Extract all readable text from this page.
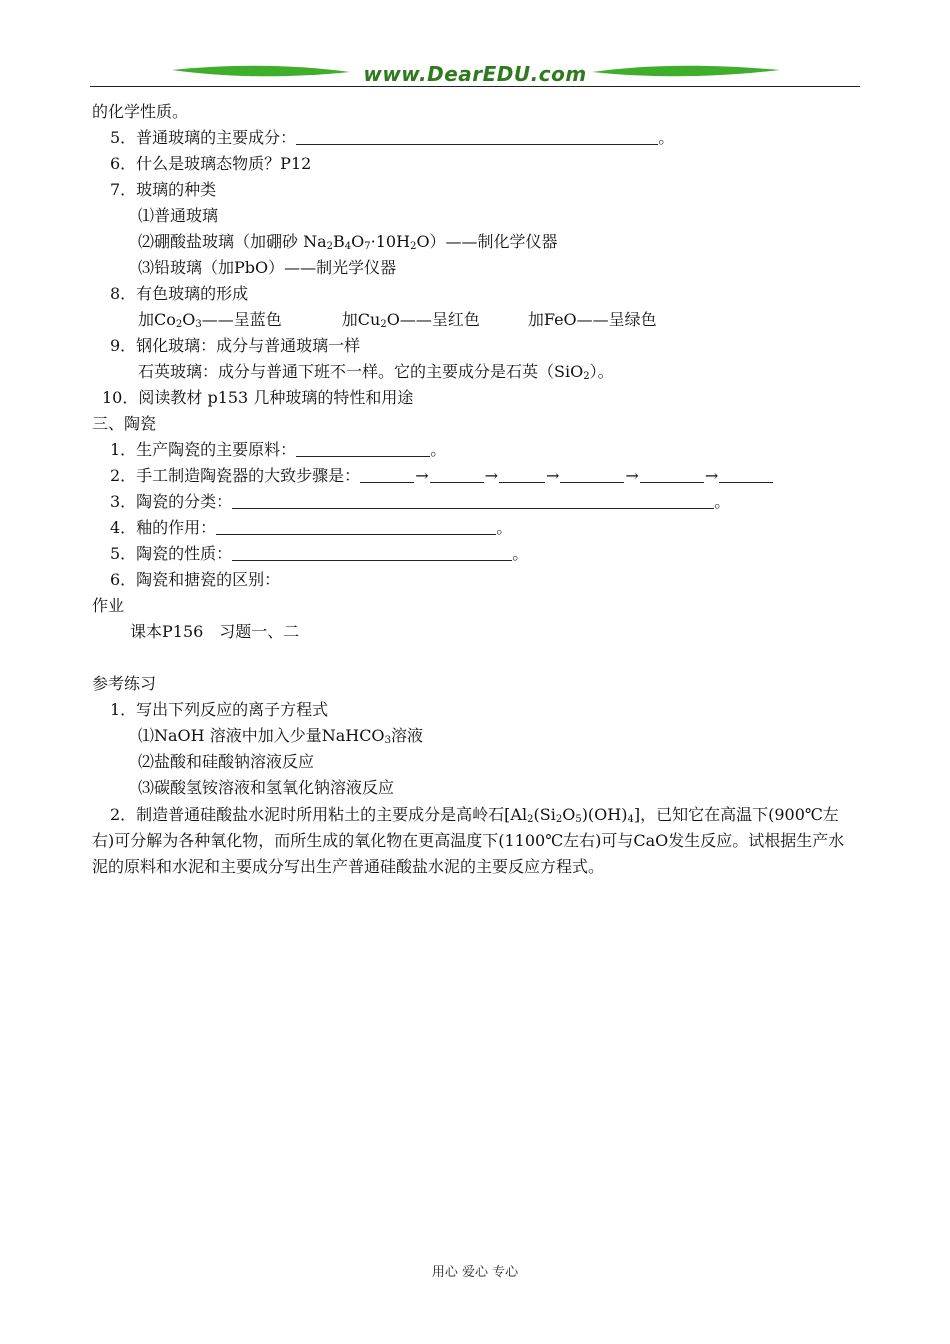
www.DearEDU.com
的化学性质。
5．普通玻璃的主要成分：	。
6．什么是玻璃态物质？P12
7．玻璃的种类
⑴普通玻璃
⑵硼酸盐玻璃（加硼砂 $Na_2B_4O_7\cdot 10H_2O)——$制化学仪器
⑶铅玻璃（加PbO）——制光学仪器
8．有色玻璃的形成
加$Co_2O_3——$呈蓝色	加$Cu_2O——$呈红色	加FeO——呈绿色
9．钢化玻璃：成分与普通玻璃一样
石英玻璃：成分与普通下班不一样。它的主要成分是石英（SiO$_2$）。
10．阅读教材 p153 几种玻璃的特性和用途
三、陶瓷
1．生产陶瓷的主要原料：	。
2．手工制造陶瓷器的大致步骤是：	→	→	→	→	→
3．陶瓷的分类：	。
4．釉的作用：	。
5．陶瓷的性质：	。
6．陶瓷和搪瓷的区别：
作业
课本P156　习题一、二
参考练习
1．写出下列反应的离子方程式
⑴NaOH 溶液中加入少量NaHCO$_3$溶液
⑵盐酸和硅酸钠溶液反应
⑶碳酸氢铵溶液和氢氧化钠溶液反应
2．制造普通硅酸盐水泥时所用粘土的主要成分是高岭石$[Al_2(Si_2O_5)(OH)_4]$，已知它在高温下(900℃左右)可分解为各种氧化物，而所生成的氧化物在更高温度下(1100℃左右)可与CaO发生反应。试根据生产水泥的原料和水泥和主要成分写出生产普通硅酸盐水泥的主要反应方程式。
用心 爱心 专心
